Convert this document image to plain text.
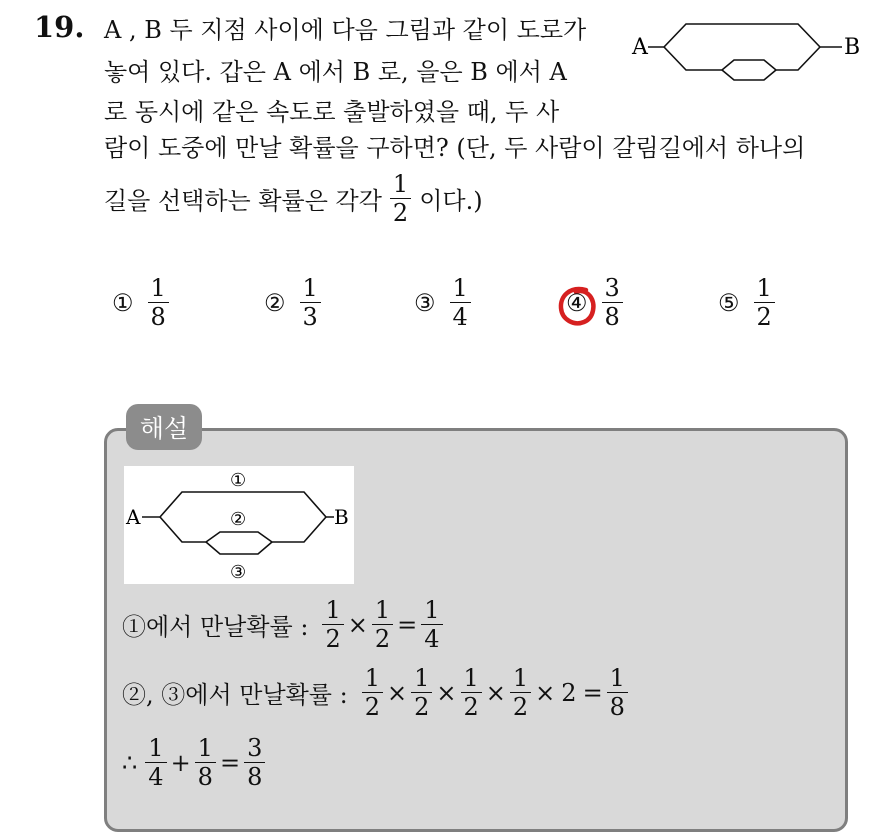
19. A , B 두 지점 사이에 다음 그림과 같이 도로가
놓여 있다. 갑은 A 에서 B 로, 을은 B 에서 A
로 동시에 같은 속도로 출발하였을 때, 두 사
람이 도중에 만날 확률을 구하면? (단, 두 사람이 갈림길에서 하나의
길을 선택하는 확률은 각각 $\frac{1}{2}$ 이다.)
A	B
① $\frac{1}{8}$	② $\frac{1}{3}$	③ $\frac{1}{4}$	④ $\frac{3}{8}$	⑤ $\frac{1}{2}$
해설
A	B
①
②
③
①에서 만날확률 : $\frac{1}{2} \times \frac{1}{2} = \frac{1}{4}$
②, ③에서 만날확률 : $\frac{1}{2} \times \frac{1}{2} \times \frac{1}{2} \times \frac{1}{2} \times 2 = \frac{1}{8}$
∴ $\frac{1}{4} + \frac{1}{8} = \frac{3}{8}$
